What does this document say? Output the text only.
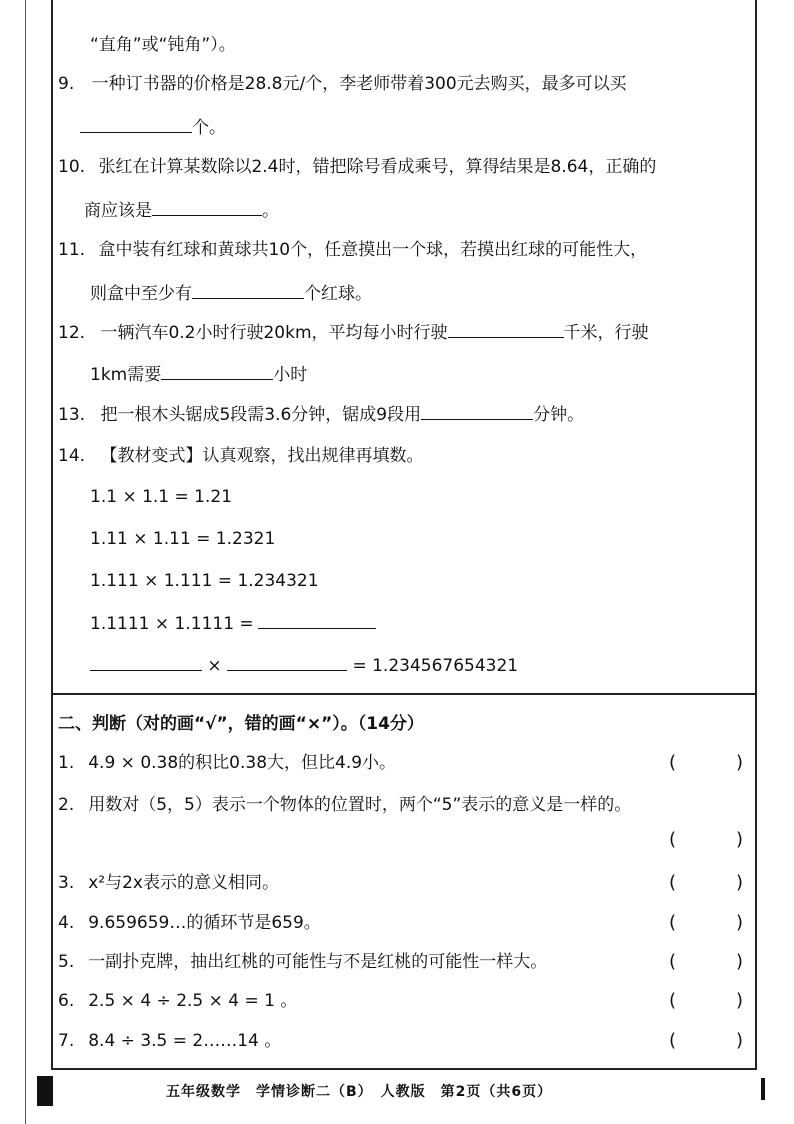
“直角”或“钝角”）。
9. 一种订书器的价格是28.8元/个，李老师带着300元去购买，最多可以买
个。
10. 张红在计算某数除以2.4时，错把除号看成乘号，算得结果是8.64，正确的
商应该是	。
11. 盒中装有红球和黄球共10个，任意摸出一个球，若摸出红球的可能性大，
则盒中至少有	个红球。
12. 一辆汽车0.2小时行驶20km，平均每小时行驶	千米，行驶
1km需要	小时
13. 把一根木头锯成5段需3.6分钟，锯成9段用	分钟。
14. 【教材变式】认真观察，找出规律再填数。
1.1 × 1.1 = 1.21
1.11 × 1.11 = 1.2321
1.111 × 1.111 = 1.234321
1.1111 × 1.1111 =
×	= 1.234567654321
二、判断（对的画“√”，错的画“×”）。（14分）
1. 4.9 × 0.38的积比0.38大，但比4.9小。	(	)
2. 用数对（5，5）表示一个物体的位置时，两个“5”表示的意义是一样的。
(	)
3. x²与2x表示的意义相同。	(	)
4. 9.659659…的循环节是659。	(	)
5. 一副扑克牌，抽出红桃的可能性与不是红桃的可能性一样大。	(	)
6. 2.5 × 4 ÷ 2.5 × 4 = 1 。	(	)
7. 8.4 ÷ 3.5 = 2……14 。	(	)
五年级数学　学情诊断二（B）　人教版　第2页（共6页）
